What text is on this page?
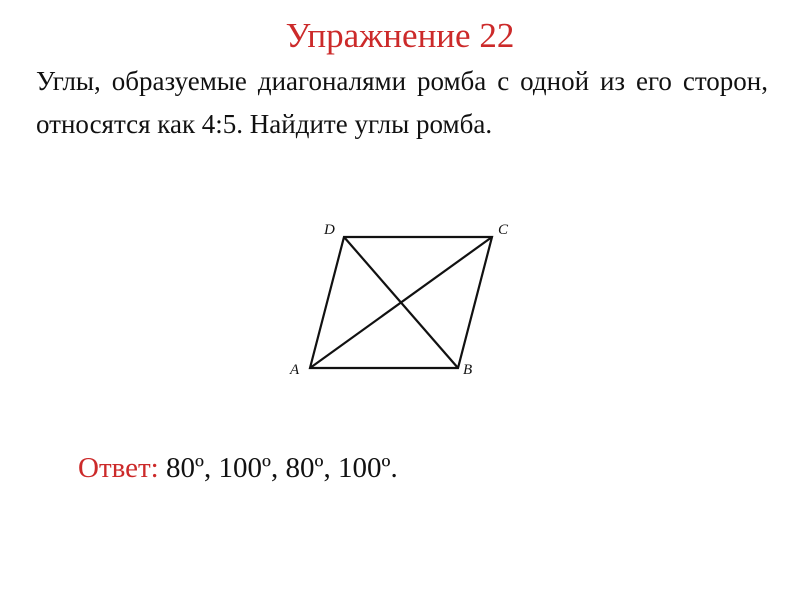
Упражнение 22
Углы, образуемые диагоналями ромба с одной из его сторон, относятся как 4:5. Найдите углы ромба.
A	B
C
D
Ответ: 80º, 100º, 80º, 100º.
